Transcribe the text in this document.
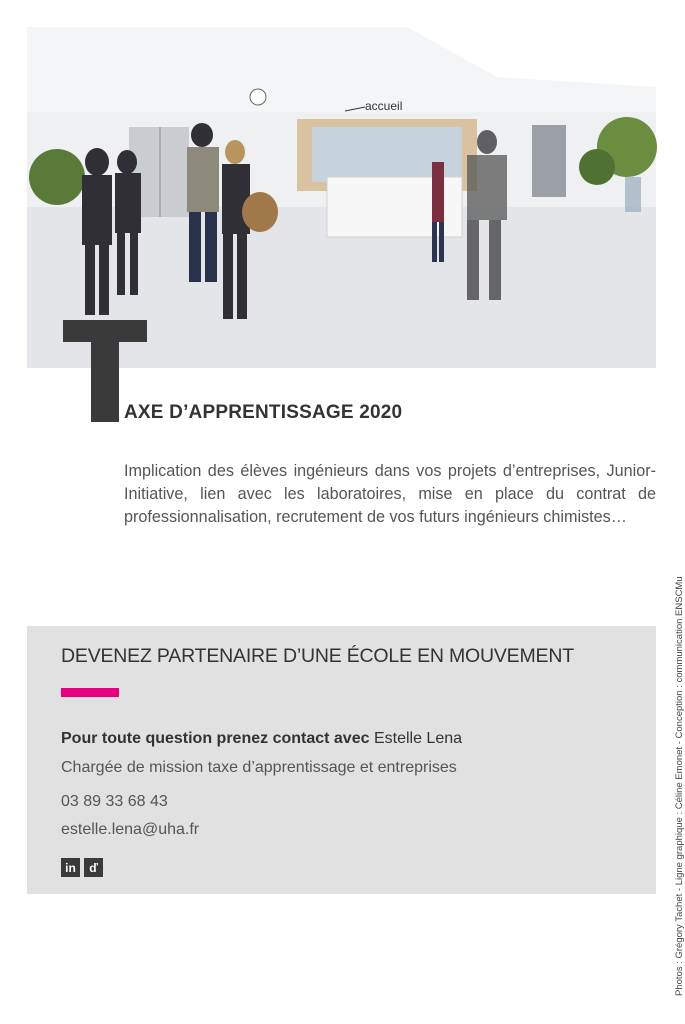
accueil
AXE D’APPRENTISSAGE 2020
Implication des élèves ingénieurs dans vos projets d’entreprises, Junior-Initiative, lien avec les laboratoires, mise en place du contrat de professionnalisation, recrutement de vos futurs ingénieurs chimistes…
DEVENEZ PARTENAIRE D’UNE ÉCOLE EN MOUVEMENT
Pour toute question prenez contact avec Estelle Lena
Chargée de mission taxe d’apprentissage et entreprises
03 89 33 68 43
estelle.lena@uha.fr
in	ď	Photos : Grégory Tachet - Ligne graphique : Céline Emonet - Conception : communication ENSCMu
